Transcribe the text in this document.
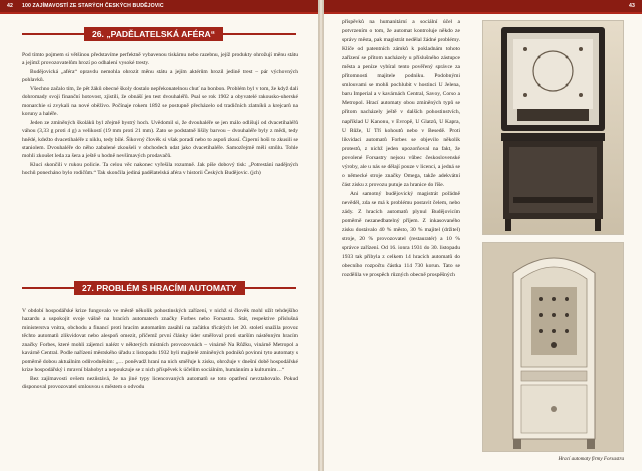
42 100 ZAJÍMAVOSTÍ ZE STARÝCH ČESKÝCH BUDĚJOVIC
26. „PADĚLATELSKÁ AFÉRA“

Pod tímto pojmem si většinou představíme perfektně vybavenou tiskárnu nebo razebnu, jejíž produkty ohrožují měnu státu a jejímž provozovatelům hrozí po odhalení vysoké tresty.

Budějovická „aféra“ opravdu nemohla ohrozit měnu státu a jejím aktérům hrozil jedině trest – pár výchovných pohlavků.

Všechno začalo tím, že pět žáků obecné školy dostalo nepřekonatelnou chuť na bonbon. Problém byl v tom, že když dali dohromady svoji finanční hotovost, zjistili, že obnáší jen test dvouhaléřů. Psal se rok 1902 a obyvatelé rakousko-uherské monarchie si zvykali na nové oběživo. Počínaje rokem 1892 se postupně přecházelo od tradičních zlatníků a krejcarů na koruny a haléře.

Jeden ze zmíněných školáků byl zřejmě bystrý hoch. Uvědomil si, že dvouhaléře se jen málo odlišují od dvacetihaléřů váhou (3,33 g proti 4 g) a velikostí (19 mm proti 21 mm). Zato se podstatně lišily barvou – dvouhaléře byly z mědi, tedy hnědé, kdežto dvacetihaléře z niklu, tedy bílé. Šikovný člověk si však poradí nebo to aspoň zkusí. Čiperní hoši to zkusili se staniolem. Dvouhaléře do něho zabalené zkoušeli v obchodech udat jako dvacetihaléře. Samozřejmě měli smůlu. Tohle mohli zkoušet leda za šera a ještě u hodně nevšímavých prodavačů.

Kluci skončili v rukou policie. Ta celou věc nakonec vyřešila rozumně. Jak píše dobový tisk: „Potrestání nadějných hochů ponecháno bylo rodičům.“ Tak skončila jediná padělatelská aféra v historii Českých Budějovic. (jch)

27. PROBLÉM S HRACÍMI AUTOMATY

V období hospodářské krize fungovalo ve městě několik pohostinských zařízení, v nichž si člověk mohl užít tehdejšího hazardu a uspokojit svoje vášně na hracích automatech značky Forbes nebo Forsastra. Stát, respektive příslušná ministerstva vnitra, obchodu a financí proti hracím automatům zasáhli na začátku třicátých let 20. století snažila provoz těchto automatů zlikvidovat nebo alespoň omezit, přičemž první články úder směřoval proti starším nástěnným hracím značky Forbes, které mohli zájemci nalézt v některých místních provozovnách – vinárně Na Růžku, vinárně Metropol a kavárně Central. Podle nařízení městského úřadu z listopadu 1932 byli majitelé zmíněných podniků povinni tyto automaty s poměrně dobou aktuálním odůvodněním: „… poněvadž hraní na nich směřuje k zisku, ohrožuje v dnešní době hospodářské krize hospodářský i mravní blahobyt a nepoukzuje se z nich příspěvek k účelům sociálním, humánním a kulturním…“

Bez zajímavosti ovšem nezůstává, že na jiné typy licencovaných automatů se toto opatření nevztahovalo. Pokud disponoval provozovatel smlouvou s městem o odvodu

43

příspěvků na humanitární a sociální účel a potvrzením o tom, že automat kontroluje někdo ze správy města, pak magistrát nedělal žádné problémy. Klíče od patentních zámků k pokladnám tohoto zařízení se přitom nacházely u příslušného zástupce města a peníze vybíral tento pověřený správce za přítomnosti majitele podniku. Podobnými smlouvami se mohli pochlubit v hostinci U Jelena, baru Imperial a v kavárnách Central, Savoy, Corso a Metropol. Hrací automaty obou zmíněných typů se přitom nacházely ještě v dalších pohostinstvích, například U Kanonu, v Evropě, U Glatzů, U Kapra, U Růže, U Tří kohoutů nebo v Besedě. Proti likvidaci automatů Forbes se objevilo několik protestů, z nichž jeden upozorňoval na fakt, že povolené Forsastry nejsou vůbec československé výroby, ale u nás se dělají pouze v licenci, a jedná se o německé stroje značky Omega, takže adekvátní část zisku z provozu putuje za hranice do říše.

Ani samotný budějovický magistrát pořádně nevěděl, zda se má k problému postavit čelem, nebo zády. Z hracích automatů plynul Budějovicím poměrně nezanedbatelný příjem. Z inkasovaného zisku dostávalo 40 % město, 30 % majitel (držitel) stroje, 20 % provozovatel (restauratér) a 10 % správce zařízení. Od 16. ionra 1931 do 30. listopadu 1933 tak přibyla z celkem 14 hracích automatů do obecního rozpočtu částka 114 730 korun. Tato se rozdělila ve prospěch různých obecně prospěšných

Hrací automaty firmy Forsastra
